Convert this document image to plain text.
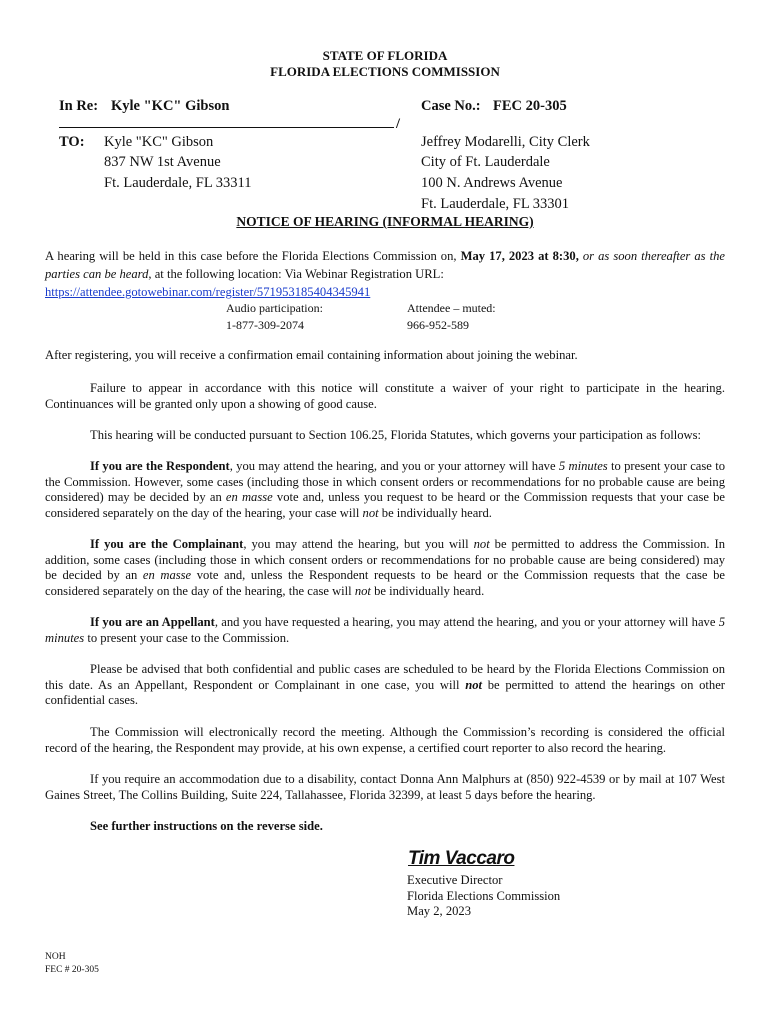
STATE OF FLORIDA
FLORIDA ELECTIONS COMMISSION
In Re: Kyle "KC" Gibson	Case No.: FEC 20-305
/
TO: Kyle "KC" Gibson
837 NW 1st Avenue
Ft. Lauderdale, FL 33311
Jeffrey Modarelli, City Clerk
City of Ft. Lauderdale
100 N. Andrews Avenue
Ft. Lauderdale, FL 33301
NOTICE OF HEARING (INFORMAL HEARING)
A hearing will be held in this case before the Florida Elections Commission on, May 17, 2023 at 8:30, or as soon thereafter as the parties can be heard, at the following location: Via Webinar Registration URL:
https://attendee.gotowebinar.com/register/571953185404345941
Audio participation:
1-877-309-2074
Attendee – muted:
966-952-589
After registering, you will receive a confirmation email containing information about joining the webinar.
Failure to appear in accordance with this notice will constitute a waiver of your right to participate in the hearing. Continuances will be granted only upon a showing of good cause.
This hearing will be conducted pursuant to Section 106.25, Florida Statutes, which governs your participation as follows:
If you are the Respondent, you may attend the hearing, and you or your attorney will have 5 minutes to present your case to the Commission. However, some cases (including those in which consent orders or recommendations for no probable cause are being considered) may be decided by an en masse vote and, unless you request to be heard or the Commission requests that your case be considered separately on the day of the hearing, your case will not be individually heard.
If you are the Complainant, you may attend the hearing, but you will not be permitted to address the Commission. In addition, some cases (including those in which consent orders or recommendations for no probable cause are being considered) may be decided by an en masse vote and, unless the Respondent requests to be heard or the Commission requests that the case be considered separately on the day of the hearing, the case will not be individually heard.
If you are an Appellant, and you have requested a hearing, you may attend the hearing, and you or your attorney will have 5 minutes to present your case to the Commission.
Please be advised that both confidential and public cases are scheduled to be heard by the Florida Elections Commission on this date. As an Appellant, Respondent or Complainant in one case, you will not be permitted to attend the hearings on other confidential cases.
The Commission will electronically record the meeting. Although the Commission’s recording is considered the official record of the hearing, the Respondent may provide, at his own expense, a certified court reporter to also record the hearing.
If you require an accommodation due to a disability, contact Donna Ann Malphurs at (850) 922-4539 or by mail at 107 West Gaines Street, The Collins Building, Suite 224, Tallahassee, Florida 32399, at least 5 days before the hearing.
See further instructions on the reverse side.
Tim Vaccaro
Executive Director
Florida Elections Commission
May 2, 2023
NOH
FEC # 20-305
